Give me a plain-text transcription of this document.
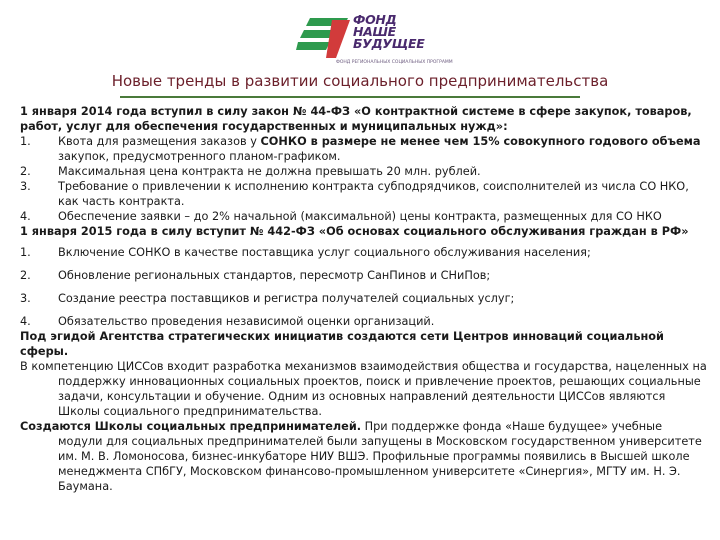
ФОНД
НАШЕ
БУДУЩЕЕ
ФОНД РЕГИОНАЛЬНЫХ СОЦИАЛЬНЫХ ПРОГРАММ
Новые тренды в развитии социального предпринимательства

1 января 2014 года вступил в силу закон № 44-ФЗ «О контрактной системе в сфере закупок, товаров, работ, услуг для обеспечения государственных и муниципальных нужд»:

1.	Квота для размещения заказов у СОНКО в размере не менее чем 15% совокупного годового объема закупок, предусмотренного планом-графиком.
2.	Максимальная цена контракта не должна превышать 20 млн. рублей.
3.	Требование о привлечении к исполнению контракта субподрядчиков, соисполнителей из числа СО НКО, как часть контракта.
4.	Обеспечение заявки – до 2% начальной (максимальной) цены контракта, размещенных для СО НКО

1 января 2015 года в силу вступит № 442-ФЗ «Об основах социального обслуживания граждан в РФ»

1.	Включение СОНКО в качестве поставщика услуг социального обслуживания населения;
2.	Обновление региональных стандартов, пересмотр СанПинов и СНиПов;
3.	Создание реестра поставщиков и регистра получателей социальных услуг;
4.	Обязательство проведения независимой оценки организаций.

Под эгидой Агентства стратегических инициатив создаются сети Центров инноваций социальной сферы.

В компетенцию ЦИССов входит разработка механизмов взаимодействия общества и государства, нацеленных на поддержку инновационных социальных проектов, поиск и привлечение проектов, решающих социальные задачи, консультации и обучение. Одним из основных направлений деятельности ЦИССов являются Школы социального предпринимательства.

Создаются Школы социальных предпринимателей. При поддержке фонда «Наше будущее» учебные модули для социальных предпринимателей были запущены в Московском государственном университете им. М. В. Ломоносова, бизнес-инкубаторе НИУ ВШЭ. Профильные программы появились в Высшей школе менеджмента СПбГУ, Московском финансово-промышленном университете «Синергия», МГТУ им. Н. Э. Баумана.
